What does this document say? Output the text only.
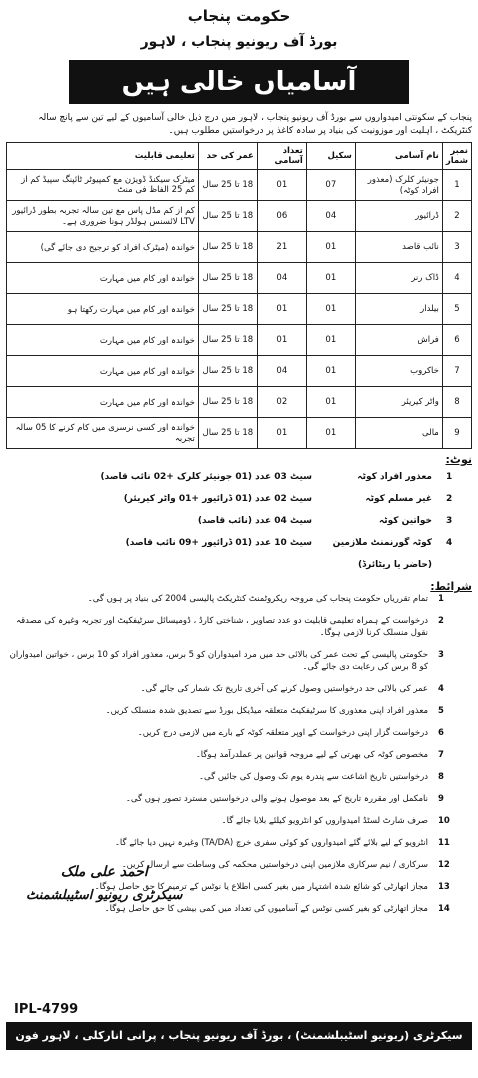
حکومت پنجاب
بورڈ آف ریونیو پنجاب ، لاہور
آسامیاں خالی ہیں
پنجاب کے سکونتی امیدواروں سے بورڈ آف ریونیو پنجاب ، لاہور میں درج ذیل خالی آسامیوں کے لیے تین سے پانچ سالہ کنٹریکٹ ، اہلیت اور موزونیت کی بنیاد پر سادہ کاغذ پر درخواستیں مطلوب ہیں۔
نمبر شمار	نام آسامی	سکیل	تعداد آسامی	عمر کی حد	تعلیمی قابلیت
1	جونیئر کلرک (معذور افراد کوٹہ)	07	01	18 تا 25 سال	میٹرک سیکنڈ ڈویژن مع کمپیوٹر ٹائپنگ سپیڈ کم از کم 25 الفاظ فی منٹ
2	ڈرائیور	04	06	18 تا 25 سال	کم از کم مڈل پاس مع تین سالہ تجربہ بطور ڈرائیور LTV لائسنس ہولڈر ہونا ضروری ہے۔
3	نائب قاصد	01	21	18 تا 25 سال	خواندہ (میٹرک افراد کو ترجیح دی جائے گی)
4	ڈاک رنر	01	04	18 تا 25 سال	خواندہ اور کام میں مہارت
5	بیلدار	01	01	18 تا 25 سال	خواندہ اور کام میں مہارت رکھتا ہو
6	فراش	01	01	18 تا 25 سال	خواندہ اور کام میں مہارت
7	خاکروب	01	04	18 تا 25 سال	خواندہ اور کام میں مہارت
8	واٹر کیریئر	01	02	18 تا 25 سال	خواندہ اور کام میں مہارت
9	مالی	01	01	18 تا 25 سال	خواندہ اور کسی نرسری میں کام کرنے کا 05 سالہ تجربہ
نوٹ:
1
معذور افراد کوٹہ
سیٹ 03 عدد (01 جونیئر کلرک +02 نائب قاصد)
2
غیر مسلم کوٹہ
سیٹ 02 عدد (01 ڈرائیور +01 واٹر کیریئر)
3
خواتین کوٹہ
سیٹ 04 عدد (نائب قاصد)
4
کوٹہ گورنمنٹ ملازمین (حاضر یا ریٹائرڈ)
سیٹ 10 عدد (01 ڈرائیور +09 نائب قاصد)
شرائط:
1
تمام تقرریاں حکومت پنجاب کی مروجہ ریکروٹمنٹ کنٹریکٹ پالیسی 2004 کی بنیاد پر ہوں گی۔
2
درخواست کے ہمراہ تعلیمی قابلیت دو عدد تصاویر ، شناختی کارڈ ، ڈومیسائل سرٹیفکیٹ اور تجربہ وغیرہ کی مصدقہ نقول منسلک کرنا لازمی ہوگا۔
3
حکومتی پالیسی کے تحت عمر کی بالائی حد میں مرد امیدواران کو 5 برس، معذور افراد کو 10 برس ، خواتین امیدواران کو 8 برس کی رعایت دی جائے گی۔
4
عمر کی بالائی حد درخواستیں وصول کرنے کی آخری تاریخ تک شمار کی جائے گی۔
5
معذور افراد اپنی معذوری کا سرٹیفکیٹ متعلقہ میڈیکل بورڈ سے تصدیق شدہ منسلک کریں۔
6
درخواست گزار اپنی درخواست کے اوپر متعلقہ کوٹہ کے بارے میں لازمی درج کریں۔
7
مخصوص کوٹہ کی بھرتی کے لیے مروجہ قوانین پر عملدرآمد ہوگا۔
8
درخواستیں تاریخ اشاعت سے پندرہ یوم تک وصول کی جائیں گی۔
9
نامکمل اور مقررہ تاریخ کے بعد موصول ہونے والی درخواستیں مسترد تصور ہوں گی۔
10
صرف شارٹ لسٹڈ امیدواروں کو انٹرویو کیلئے بلایا جائے گا۔
11
انٹرویو کے لیے بلائے گئے امیدواروں کو کوئی سفری خرچ (TA/DA) وغیرہ نہیں دیا جائے گا۔
12
سرکاری / نیم سرکاری ملازمین اپنی درخواستیں محکمہ کی وساطت سے ارسال کریں۔
13
مجاز اتھارٹی کو شائع شدہ اشتہار میں بغیر کسی اطلاع یا نوٹس کے ترمیم کا حق حاصل ہوگا۔
14
مجاز اتھارٹی کو بغیر کسی نوٹس کے آسامیوں کی تعداد میں کمی بیشی کا حق حاصل ہوگا۔
احمد علی ملک
سیکرٹری ریونیو اسٹیبلشمنٹ
IPL-4799
سیکرٹری (ریونیو اسٹیبلشمنٹ) ، بورڈ آف ریونیو پنجاب ، پرانی انارکلی ، لاہور فون نمبر: 91-04299210790
